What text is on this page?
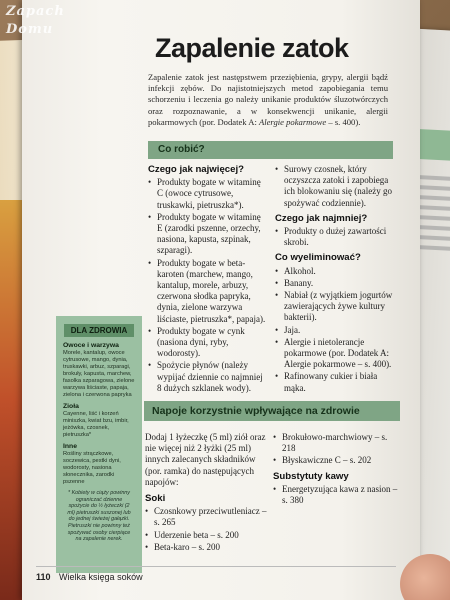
Zapach
Domu
Zapalenie zatok
Zapalenie zatok jest następstwem przeziębienia, grypy, alergii bądź infekcji zębów. Do najistotniejszych metod zapobiegania temu schorzeniu i leczenia go należy unikanie produktów śluzotwórczych oraz rozpoznawanie, a w konsekwencji unikanie, alergii pokarmowych (por. Dodatek A: Alergie pokarmowe – s. 400).
Co robić?
Czego jak najwięcej?
• Produkty bogate w witaminę C (owoce cytrusowe, truskawki, pietruszka*).
• Produkty bogate w witaminę E (zarodki pszenne, orzechy, nasiona, kapusta, szpinak, szparagi).
• Produkty bogate w beta-karoten (marchew, mango, kantalup, morele, arbuzy, czerwona słodka papryka, dynia, zielone warzywa liściaste, pietruszka*, papaja).
• Produkty bogate w cynk (nasiona dyni, ryby, wodorosty).
• Spożycie płynów (należy wypijać dziennie co najmniej 8 dużych szklanek wody).
• Surowy czosnek, który oczyszcza zatoki i zapobiega ich blokowaniu się (należy go spożywać codziennie).
Czego jak najmniej?
• Produkty o dużej zawartości skrobi.
Co wyeliminować?
• Alkohol.
• Banany.
• Nabiał (z wyjątkiem jogurtów zawierających żywe kultury bakterii).
• Jaja.
• Alergie i nietolerancje pokarmowe (por. Dodatek A: Alergie pokarmowe – s. 400).
• Rafinowany cukier i biała mąka.
DLA ZDROWIA
Owoce i warzywa
Morele, kantalup, owoce cytrusowe, mango, dynia, truskawki, arbuz, szparagi, brokuły, kapusta, marchew, fasolka szparagowa, zielone warzywa liściaste, papaja, zielona i czerwona papryka
Zioła
Cayenne, liść i korzeń miniszka, kwiat bzu, imbir, jeżówka, czosnek, pietruszka*
Inne
Rośliny strączkowe, soczewica, pestki dyni, wodorosty, nasiona słonecznika, zarodki pszenne
* Kobiety w ciąży powinny ograniczać dzienne spożycie do ½ łyżeczki (2 ml) pietruszki suszonej lub do jednej świeżej gałązki. Pietruszki nie powinny też spożywać osoby cierpiące na zapalenie nerek.
Napoje korzystnie wpływające na zdrowie

Dodaj 1 łyżeczkę (5 ml) ziół oraz nie więcej niż 2 łyżki (25 ml) innych zalecanych składników (por. ramka) do następujących napojów:

Soki
• Czosnkowy przeciwutleniacz – s. 265
• Uderzenie beta – s. 200
• Beta-karo – s. 200
• Brokułowo-marchwiowy – s. 218
• Błyskawiczne C – s. 202
Substytuty kawy
• Energetyzująca kawa z nasion – s. 380
110 Wielka księga soków
